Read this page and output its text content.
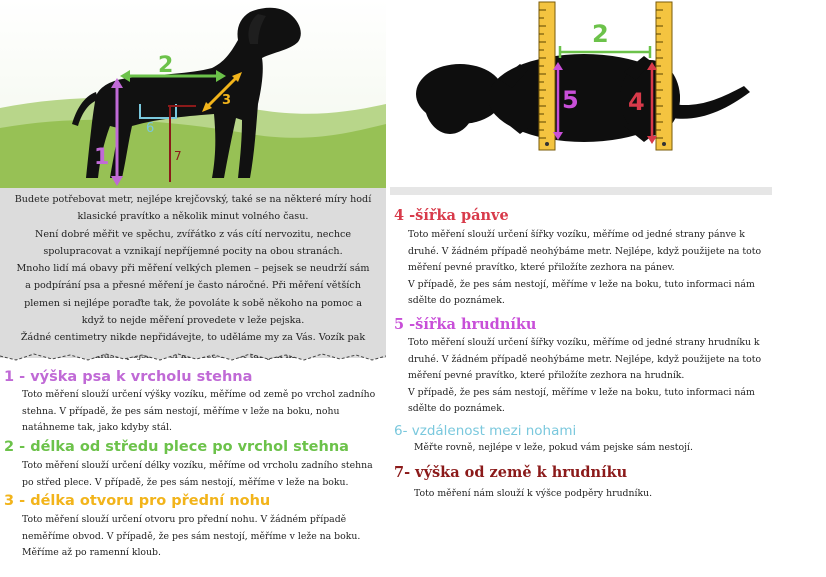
2
1
3
6
7

Budete potřebovat metr, nejlépe krejčovský, také se na některé míry hodí

klasické pravítko a několik minut volného času.

Není dobré měřit ve spěchu, zvířátko z vás cítí nervozitu, nechce

spolupracovat a vznikají nepříjemné pocity na obou stranách.

Mnoho lidí má obavy při měření velkých plemen – pejsek se neudrží sám

a podpírání psa a přesné měření je často náročné. Při měření větších

plemen si nejlépe poraďte tak, že povoláte k sobě někoho na pomoc a

když to nejde měření provedete v leže pejska.

Žádné centimetry nikde nepřidávejte, to uděláme my za Vás. Vozík pak

1 - výška psa k vrcholu stehna

Toto měření slouží určení výšky vozíku, měříme od země po vrchol zadního

stehna. V případě, že pes sám nestojí, měříme v leže na boku, nohu

natáhneme tak, jako kdyby stál.

2 - délka od středu plece po vrchol stehna

Toto měření slouží určení délky vozíku, měříme od vrcholu zadního stehna

po střed plece. V případě, že pes sám nestojí, měříme v leže na boku.

3 - délka otvoru pro přední nohu

Toto měření slouží určení otvoru pro přední nohu. V žádném případě

neměříme obvod. V případě, že pes sám nestojí, měříme v leže na boku.

Měříme až po ramenní kloub.

2
5 4
4 -šířka pánve

Toto měření slouží určení šířky vozíku, měříme od jedné strany pánve k

druhé. V žádném případě neohýbáme metr. Nejlépe, když použijete na toto

měření pevné pravítko, které přiložíte zezhora na pánev.

V případě, že pes sám nestojí, měříme v leže na boku, tuto informaci nám

sdělte do poznámek.

5 -šířka hrudníku

Toto měření slouží určení šířky vozíku, měříme od jedné strany hrudníku k

druhé. V žádném případě neohýbáme metr. Nejlépe, když použijete na toto

měření pevné pravítko, které přiložíte zezhora na hrudník.

V případě, že pes sám nestojí, měříme v leže na boku, tuto informaci nám

sdělte do poznámek.

6- vzdálenost mezi nohami

Měřte rovně, nejlépe v leže, pokud vám pejske sám nestojí.

7- výška od země k hrudníku

Toto měření nám slouží k výšce podpěry hrudníku.
